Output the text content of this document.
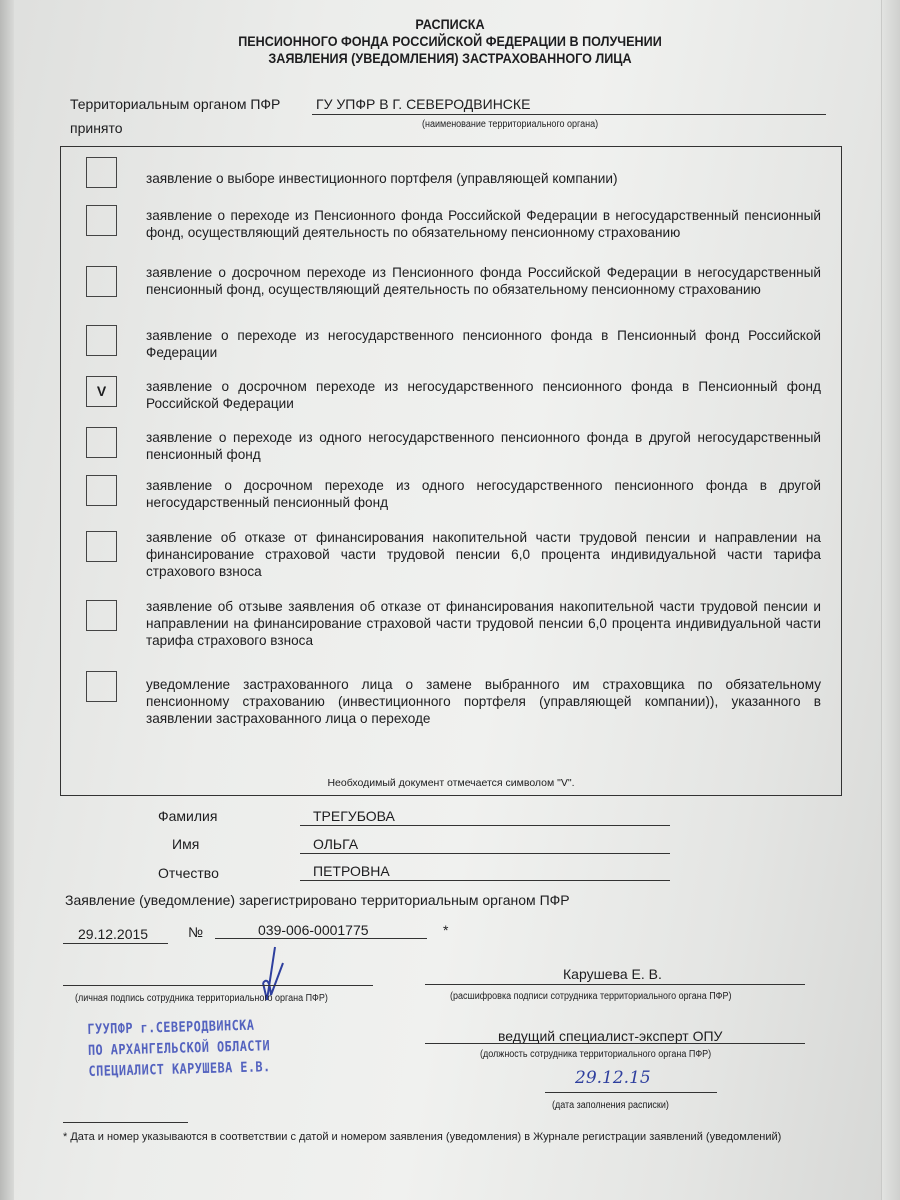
РАСПИСКА
ПЕНСИОННОГО ФОНДА РОССИЙСКОЙ ФЕДЕРАЦИИ В ПОЛУЧЕНИИ
ЗАЯВЛЕНИЯ (УВЕДОМЛЕНИЯ) ЗАСТРАХОВАННОГО ЛИЦА
Территориальным органом ПФР	ГУ УПФР В Г. СЕВЕРОДВИНСКЕ
(наименование территориального органа)
принято
Необходимый документ отмечается символом "V".
заявление о выборе инвестиционного портфеля (управляющей компании)
заявление о переходе из Пенсионного фонда Российской Федерации в негосударственный пенсионный фонд, осуществляющий деятельность по обязательному пенсионному страхованию
заявление о досрочном переходе из Пенсионного фонда Российской Федерации в негосударственный пенсионный фонд, осуществляющий деятельность по обязательному пенсионному страхованию
заявление о переходе из негосударственного пенсионного фонда в Пенсионный фонд Российской Федерации
V	заявление о досрочном переходе из негосударственного пенсионного фонда в Пенсионный фонд Российской Федерации
заявление о переходе из одного негосударственного пенсионного фонда в другой негосударственный пенсионный фонд
заявление о досрочном переходе из одного негосударственного пенсионного фонда в другой негосударственный пенсионный фонд
заявление об отказе от финансирования накопительной части трудовой пенсии и направлении на финансирование страховой части трудовой пенсии 6,0 процента индивидуальной части тарифа страхового взноса
заявление об отзыве заявления об отказе от финансирования накопительной части трудовой пенсии и направлении на финансирование страховой части трудовой пенсии 6,0 процента индивидуальной части тарифа страхового взноса
уведомление застрахованного лица о замене выбранного им страховщика по обязательному пенсионному страхованию (инвестиционного портфеля (управляющей компании)), указанного в заявлении застрахованного лица о переходе
Фамилия	ТРЕГУБОВА
Имя	ОЛЬГА
Отчество	ПЕТРОВНА
Заявление (уведомление) зарегистрировано территориальным органом ПФР
29.12.2015	№	039-006-0001775	*
(личная подпись сотрудника территориального органа ПФР)
Карушева Е. В.
(расшифровка подписи сотрудника территориального органа ПФР)
ГУУПФР г.СЕВЕРОДВИНСКА
ПО АРХАНГЕЛЬСКОЙ ОБЛАСТИ
СПЕЦИАЛИСТ КАРУШЕВА Е.В.
ведущий специалист-эксперт ОПУ
(должность сотрудника территориального органа ПФР)
29.12.15
(дата заполнения расписки)
* Дата и номер указываются в соответствии с датой и номером заявления (уведомления) в Журнале регистрации заявлений (уведомлений)
